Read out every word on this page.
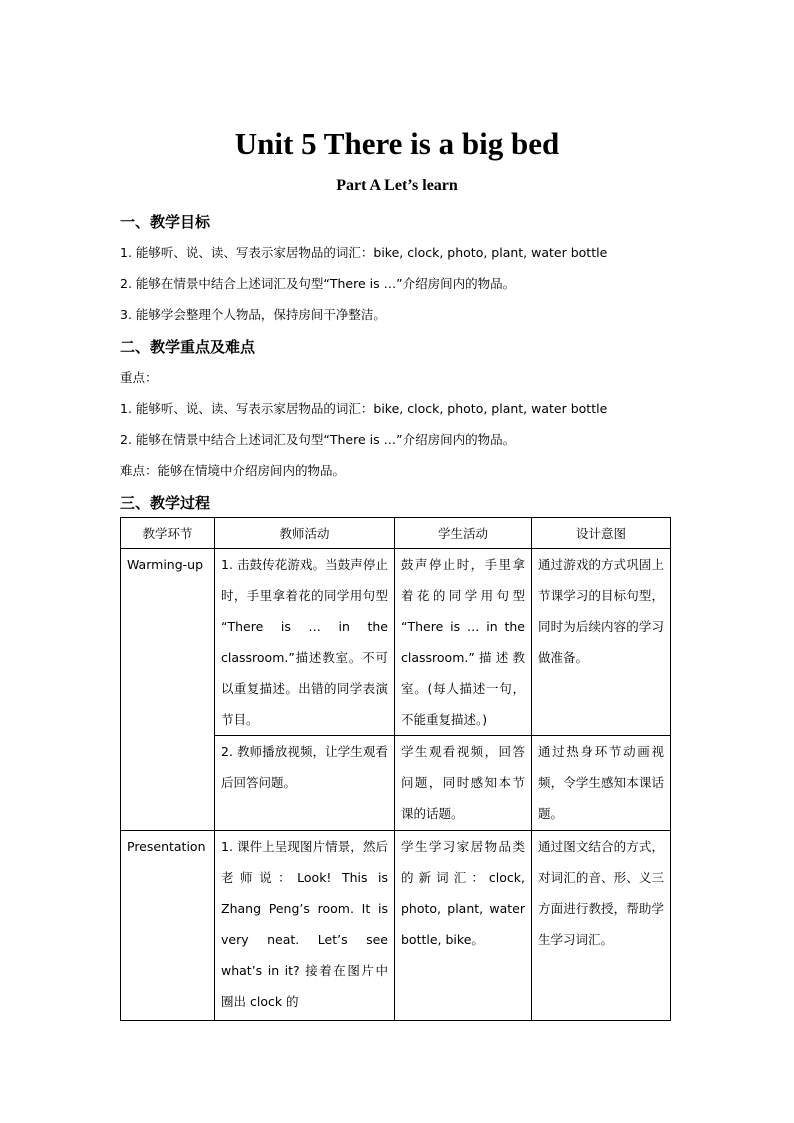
Unit 5 There is a big bed
Part A Let’s learn
一、教学目标
1. 能够听、说、读、写表示家居物品的词汇：bike, clock, photo, plant, water bottle
2. 能够在情景中结合上述词汇及句型“There is …”介绍房间内的物品。
3. 能够学会整理个人物品，保持房间干净整洁。
二、教学重点及难点
重点：
1. 能够听、说、读、写表示家居物品的词汇：bike, clock, photo, plant, water bottle
2. 能够在情景中结合上述词汇及句型“There is …”介绍房间内的物品。
难点：能够在情境中介绍房间内的物品。
三、教学过程
教学环节	教师活动	学生活动	设计意图
Warming-up	1. 击鼓传花游戏。当鼓声停止时，手里拿着花的同学用句型 “There is … in the classroom.”描述教室。不可以重复描述。出错的同学表演节目。	鼓声停止时，手里拿着花的同学用句型 “There is … in the classroom.”描述教室。(每人描述一句，不能重复描述。)	通过游戏的方式巩固上节课学习的目标句型，同时为后续内容的学习做准备。
	2. 教师播放视频，让学生观看后回答问题。	学生观看视频，回答问题，同时感知本节课的话题。	通过热身环节动画视频，令学生感知本课话题。
Presentation	1. 课件上呈现图片情景，然后老师说：Look! This is Zhang Peng’s room. It is very neat. Let’s see what’s in it? 接着在图片中圈出 clock 的	学生学习家居物品类的新词汇：clock, photo, plant, water bottle, bike。	通过图文结合的方式，对词汇的音、形、义三方面进行教授，帮助学生学习词汇。
